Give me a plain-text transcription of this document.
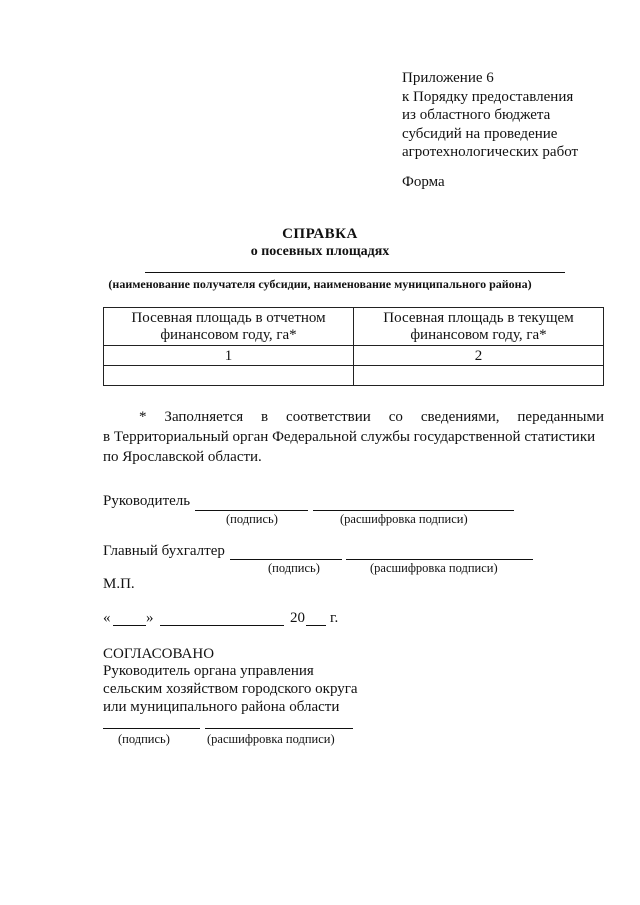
Приложение 6
к Порядку предоставления
из областного бюджета
субсидий на проведение
агротехнологических работ
Форма
СПРАВКА
о посевных площадях
(наименование получателя субсидии, наименование муниципального района)
Посевная площадь в отчетном финансовом году, га*	Посевная площадь в текущем финансовом году, га*
1	2

* Заполняется в соответствии со сведениями, переданными
в Территориальный орган Федеральной службы государственной статистики
по Ярославской области.
Руководитель
(подпись)	(расшифровка подписи)
Главный бухгалтер
(подпись)	(расшифровка подписи)
М.П.
« »	20 г.
СОГЛАСОВАНО
Руководитель органа управления
сельским хозяйством городского округа
или муниципального района области
(подпись)	(расшифровка подписи)
